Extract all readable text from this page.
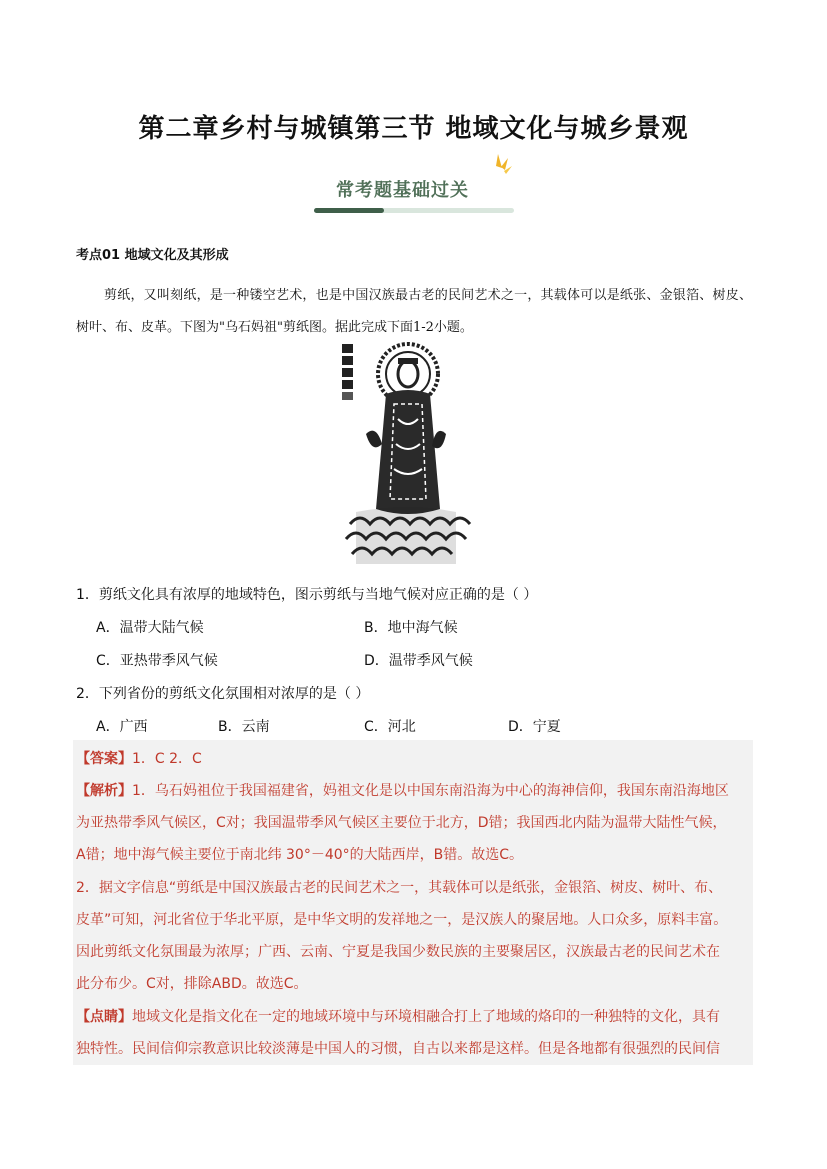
第二章乡村与城镇第三节 地域文化与城乡景观
常考题基础过关
考点01 地域文化及其形成
剪纸，又叫刻纸，是一种镂空艺术，也是中国汉族最古老的民间艺术之一，其载体可以是纸张、金银箔、树皮、树叶、布、皮革。下图为"乌石妈祖"剪纸图。据此完成下面1-2小题。
1．剪纸文化具有浓厚的地域特色，图示剪纸与当地气候对应正确的是（ ）
A．温带大陆气候	B．地中海气候
C．亚热带季风气候	D．温带季风气候
2．下列省份的剪纸文化氛围相对浓厚的是（ ）
A．广西	B．云南	C．河北	D．宁夏
【答案】1．C 2．C
【解析】1．乌石妈祖位于我国福建省，妈祖文化是以中国东南沿海为中心的海神信仰，我国东南沿海地区
为亚热带季风气候区，C对；我国温带季风气候区主要位于北方，D错；我国西北内陆为温带大陆性气候，
A错；地中海气候主要位于南北纬 30°－40°的大陆西岸，B错。故选C。
2．据文字信息“剪纸是中国汉族最古老的民间艺术之一，其载体可以是纸张，金银箔、树皮、树叶、布、
皮革”可知，河北省位于华北平原，是中华文明的发祥地之一，是汉族人的聚居地。人口众多，原料丰富。
因此剪纸文化氛围最为浓厚；广西、云南、宁夏是我国少数民族的主要聚居区，汉族最古老的民间艺术在
此分布少。C对，排除ABD。故选C。
【点睛】地域文化是指文化在一定的地域环境中与环境相融合打上了地域的烙印的一种独特的文化，具有
独特性。民间信仰宗教意识比较淡薄是中国人的习惯，自古以来都是这样。但是各地都有很强烈的民间信
